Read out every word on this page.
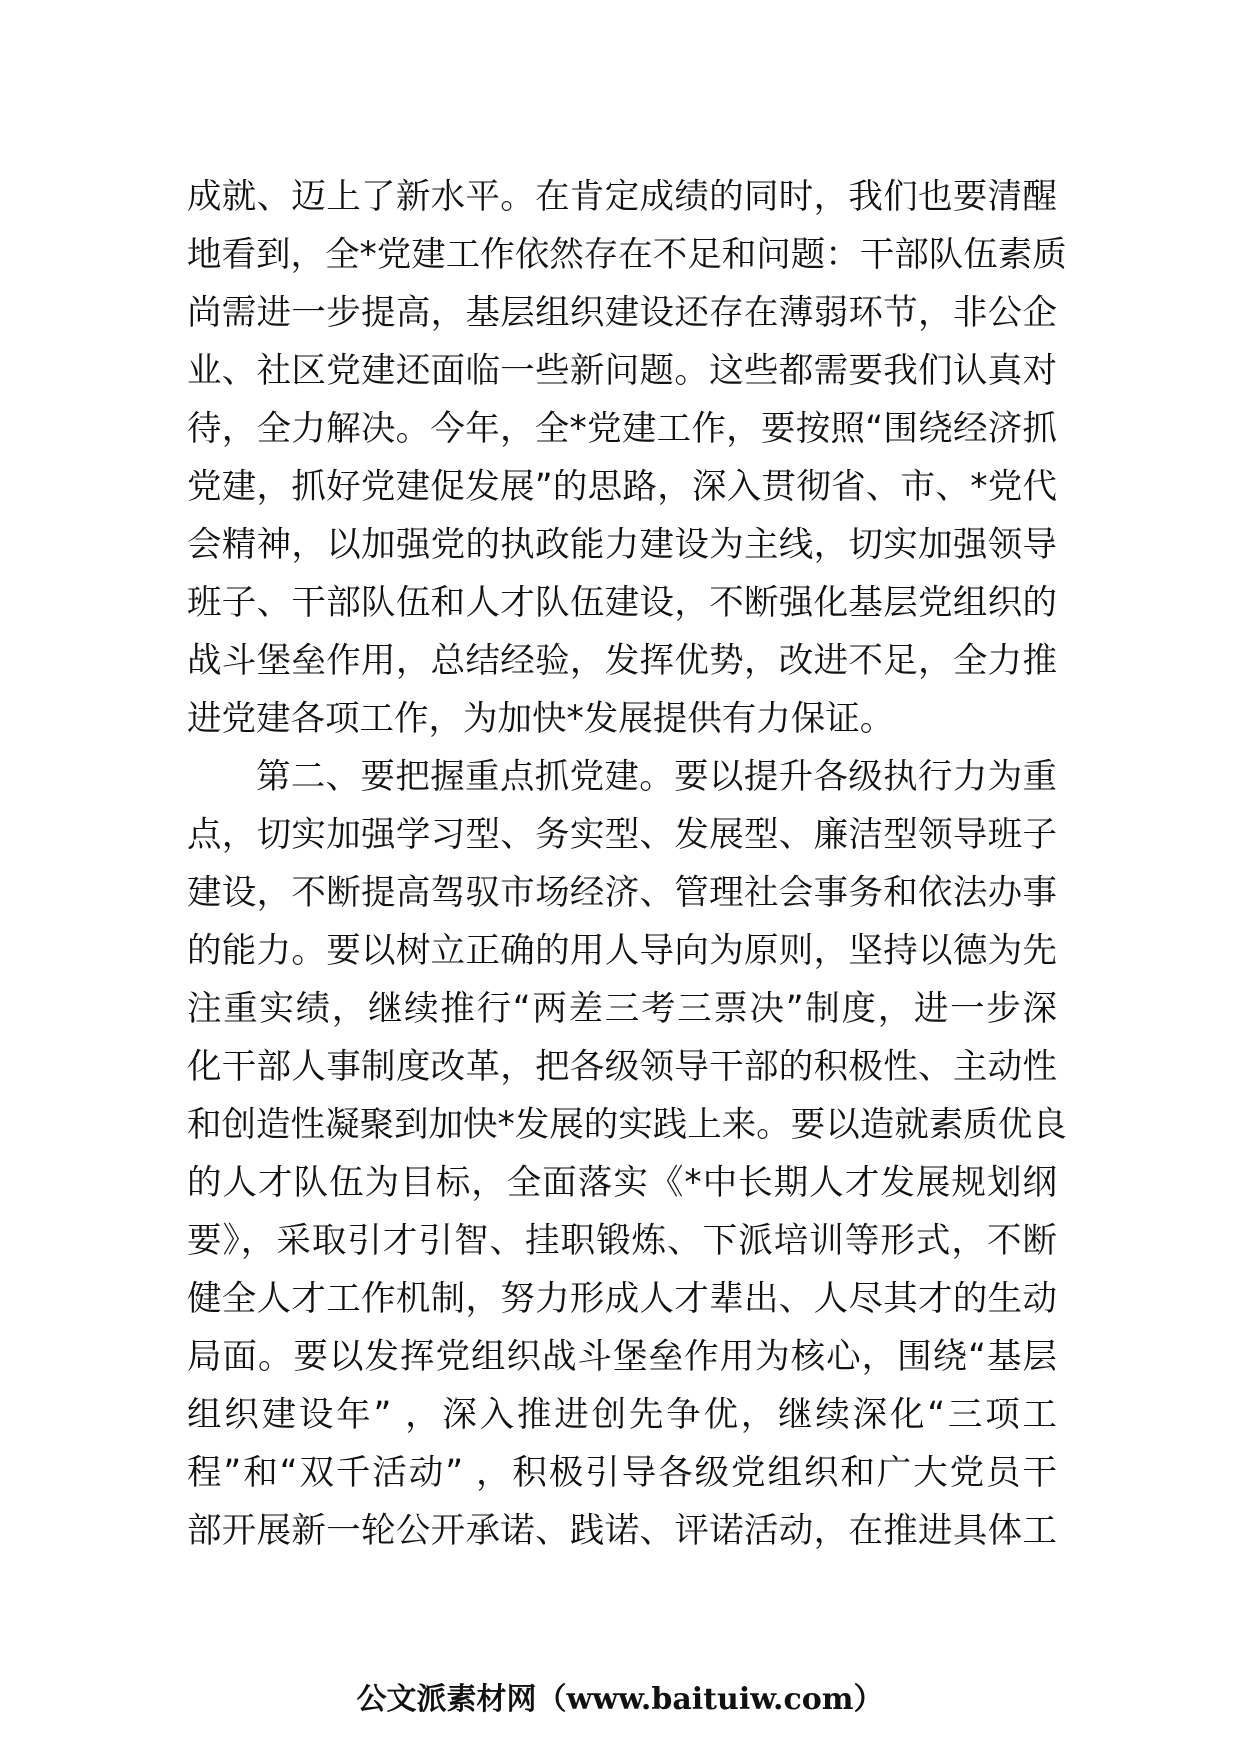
成就、迈上了新水平。在肯定成绩的同时，我们也要清醒
地看到，全*党建工作依然存在不足和问题：干部队伍素质
尚需进一步提高，基层组织建设还存在薄弱环节，非公企
业、社区党建还面临一些新问题。这些都需要我们认真对
待，全力解决。今年，全*党建工作，要按照“围绕经济抓
党建，抓好党建促发展”的思路，深入贯彻省、市、*党代
会精神，以加强党的执政能力建设为主线，切实加强领导
班子、干部队伍和人才队伍建设，不断强化基层党组织的
战斗堡垒作用，总结经验，发挥优势，改进不足，全力推
进党建各项工作，为加快*发展提供有力保证。
第二、要把握重点抓党建。要以提升各级执行力为重
点，切实加强学习型、务实型、发展型、廉洁型领导班子
建设，不断提高驾驭市场经济、管理社会事务和依法办事
的能力。要以树立正确的用人导向为原则，坚持以德为先
注重实绩，继续推行“两差三考三票决”制度，进一步深
化干部人事制度改革，把各级领导干部的积极性、主动性
和创造性凝聚到加快*发展的实践上来。要以造就素质优良
的人才队伍为目标，全面落实《*中长期人才发展规划纲
要》，采取引才引智、挂职锻炼、下派培训等形式，不断
健全人才工作机制，努力形成人才辈出、人尽其才的生动
局面。要以发挥党组织战斗堡垒作用为核心，围绕“基层
组织建设年” ，深入推进创先争优，继续深化“三项工
程”和“双千活动” ，积极引导各级党组织和广大党员干
部开展新一轮公开承诺、践诺、评诺活动，在推进具体工
公文派素材网（www.baituiw.com）
